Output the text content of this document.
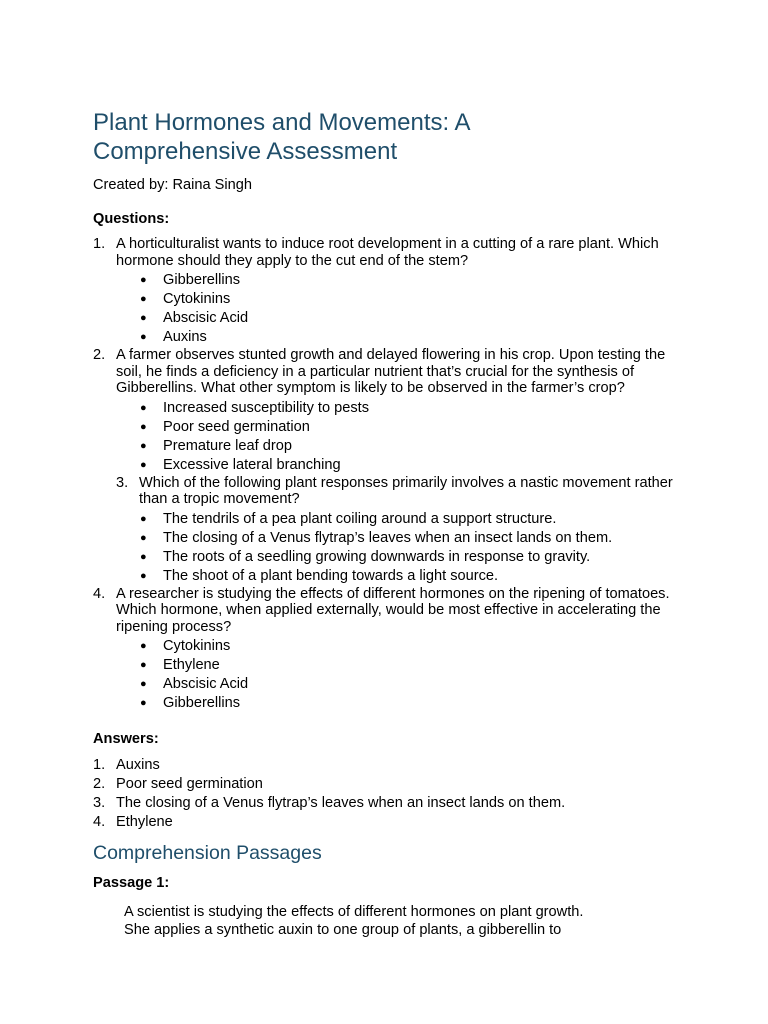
Plant Hormones and Movements: A
Comprehensive Assessment

Created by: Raina Singh

Questions:

1. A horticulturalist wants to induce root development in a cutting of a rare plant. Which hormone should they apply to the cut end of the stem?
● Gibberellins
● Cytokinins
● Abscisic Acid
● Auxins
2. A farmer observes stunted growth and delayed flowering in his crop. Upon testing the soil, he finds a deficiency in a particular nutrient that’s crucial for the synthesis of Gibberellins. What other symptom is likely to be observed in the farmer’s crop?
● Increased susceptibility to pests
● Poor seed germination
● Premature leaf drop
● Excessive lateral branching
3. Which of the following plant responses primarily involves a nastic movement rather than a tropic movement?
● The tendrils of a pea plant coiling around a support structure.
● The closing of a Venus flytrap’s leaves when an insect lands on them.
● The roots of a seedling growing downwards in response to gravity.
● The shoot of a plant bending towards a light source.
4. A researcher is studying the effects of different hormones on the ripening of tomatoes. Which hormone, when applied externally, would be most effective in accelerating the ripening process?
● Cytokinins
● Ethylene
● Abscisic Acid
● Gibberellins

Answers:

1. Auxins
2. Poor seed germination
3. The closing of a Venus flytrap’s leaves when an insect lands on them.
4. Ethylene
Comprehension Passages

Passage 1:

A scientist is studying the effects of different hormones on plant growth.

She applies a synthetic auxin to one group of plants, a gibberellin to
